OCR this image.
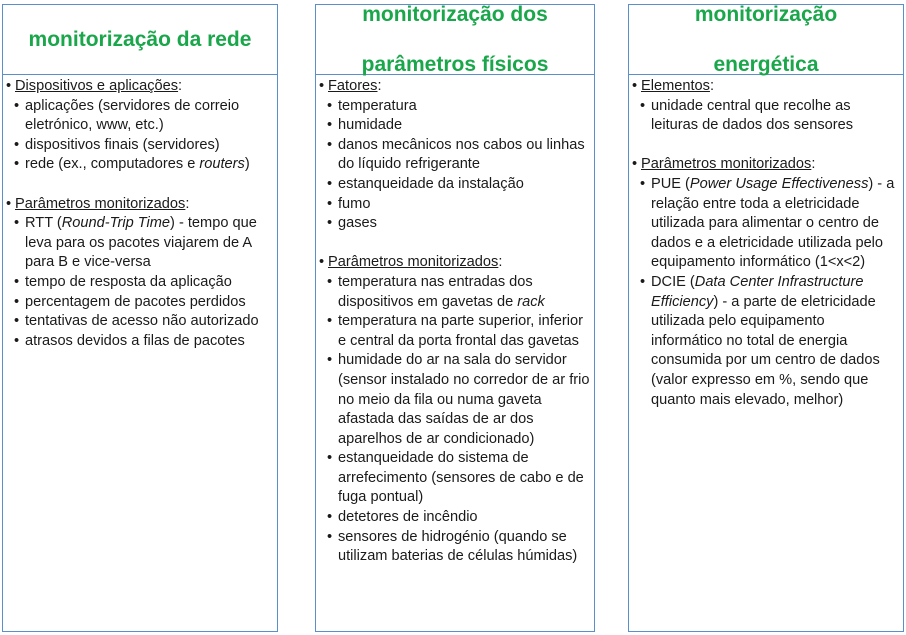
monitorização da rede
• Dispositivos e aplicações:
• aplicações (servidores de correio eletrónico, www, etc.)
• dispositivos finais (servidores)
• rede (ex., computadores e routers)
• Parâmetros monitorizados:
• RTT (Round-Trip Time) - tempo que leva para os pacotes viajarem de A para B e vice-versa
• tempo de resposta da aplicação
• percentagem de pacotes perdidos
• tentativas de acesso não autorizado
• atrasos devidos a filas de pacotes

monitorização dos

parâmetros físicos

• Fatores:
• temperatura
• humidade
• danos mecânicos nos cabos ou linhas do líquido refrigerante
• estanqueidade da instalação
• fumo
• gases
• Parâmetros monitorizados:
• temperatura nas entradas dos dispositivos em gavetas de rack
• temperatura na parte superior, inferior e central da porta frontal das gavetas
• humidade do ar na sala do servidor (sensor instalado no corredor de ar frio no meio da fila ou numa gaveta afastada das saídas de ar dos aparelhos de ar condicionado)
• estanqueidade do sistema de arrefecimento (sensores de cabo e de fuga pontual)
• detetores de incêndio
• sensores de hidrogénio (quando se utilizam baterias de células húmidas)

monitorização

energética

• Elementos:
• unidade central que recolhe as leituras de dados dos sensores
• Parâmetros monitorizados:
• PUE (Power Usage Effectiveness) - a relação entre toda a eletricidade utilizada para alimentar o centro de dados e a eletricidade utilizada pelo equipamento informático (1<x<2)
• DCIE (Data Center Infrastructure Efficiency) - a parte de eletricidade utilizada pelo equipamento informático no total de energia consumida por um centro de dados (valor expresso em %, sendo que quanto mais elevado, melhor)
